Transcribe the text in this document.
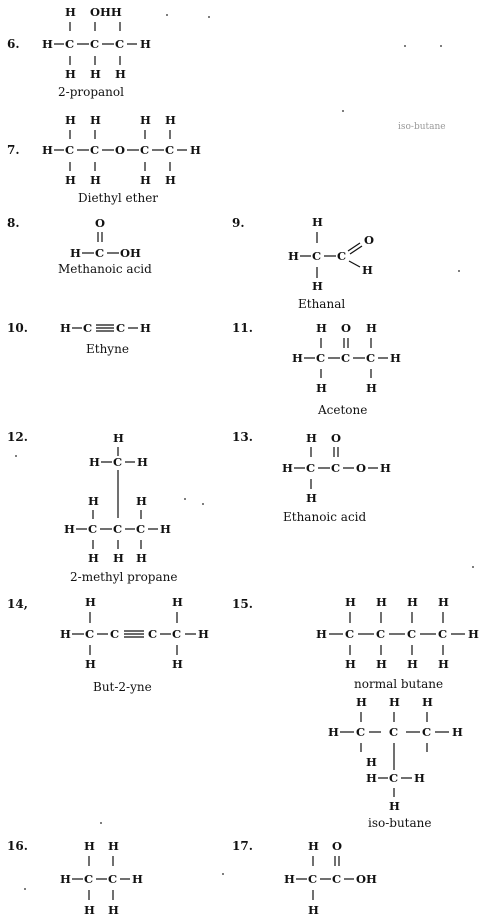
6.
7.
8.	9.
10.	11.
12.	13.
14,	15.
16.	17.
2-propanol
Diethyl ether
Methanoic acid
Ethanal
Ethyne
Acetone
2-methyl propane
Ethanoic acid
But-2-yne	normal butane
iso-butane
H OHH
H C C C H
H H H
H H	H H
H C C O C C H
H H	H H
O
H C OH
H
H C C
O
H
H
H C C H	H O H
H C C C H
H	H
H
H C H
H	H
H C C C H
H H H
H O
H C C O H
H
H	H
H C C	C C H
H	H
H H H H
H C C C C H
H H H H
H H H
H C C C H
H
H C H
H
H H
H C C H
H H
H O
H C C OH
H
iso-butane
